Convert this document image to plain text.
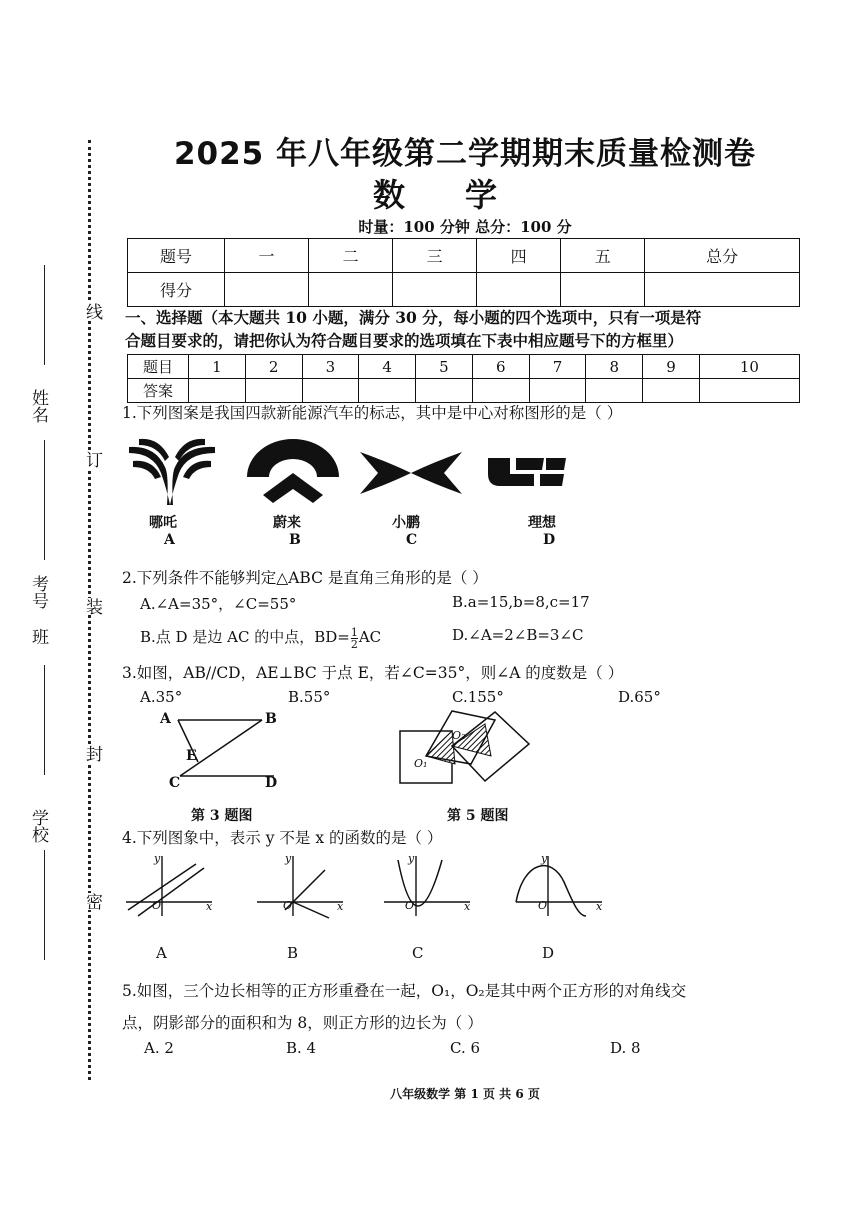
线
订
装
封
密
姓名
考号
班
学校
2025 年八年级第二学期期末质量检测卷
数学
时量：100 分钟 总分：100 分
题号	一	二	三	四	五	总分
得分						
一、选择题（本大题共 10 小题，满分 30 分，每小题的四个选项中，只有一项是符
合题目要求的，请把你认为符合题目要求的选项填在下表中相应题号下的方框里）
题目	1	2	3	4	5	6	7	8	9	10
答案										
1.下列图案是我国四款新能源汽车的标志，其中是中心对称图形的是（ ）
哪吒
A
蔚来
B
小鹏
C
理想
D
2.下列条件不能够判定△ABC 是直角三角形的是（ ）
A.∠A=35°，∠C=55°	B.a=15,b=8,c=17
B.点 D 是边 AC 的中点，$BD= \frac{1}{2}$ AC	D.∠A=2∠B=3∠C
3.如图，AB//CD，AE⊥BC 于点 E，若∠C=35°，则∠A 的度数是（ ）
A.35°	B.55°	C.155°	D.65°
A	B
E
C	D
第 3 题图
O₁
O₂
第 5 题图
4.下列图象中，表示 y 不是 x 的函数的是（ ）
y
x
O
y
x
O
y
x
O
y
x
O
A	B	C	D
5.如图，三个边长相等的正方形重叠在一起，O₁，O₂是其中两个正方形的对角线交
点，阴影部分的面积和为 8，则正方形的边长为（ ）
A. 2	B. 4	C. 6	D. 8
八年级数学 第 1 页 共 6 页
